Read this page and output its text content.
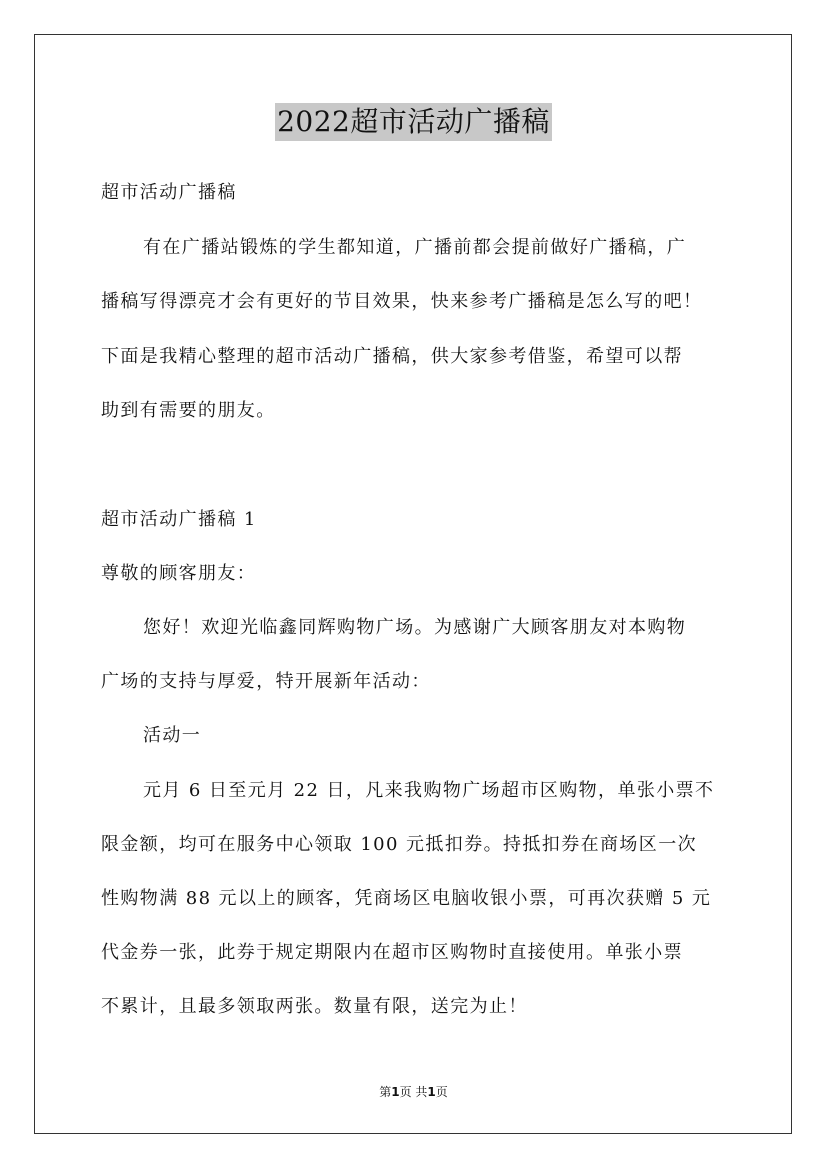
2022超市活动广播稿
超市活动广播稿
有在广播站锻炼的学生都知道，广播前都会提前做好广播稿，广
播稿写得漂亮才会有更好的节目效果，快来参考广播稿是怎么写的吧！
下面是我精心整理的超市活动广播稿，供大家参考借鉴，希望可以帮
助到有需要的朋友。
超市活动广播稿 1
尊敬的顾客朋友：
您好！欢迎光临鑫同辉购物广场。为感谢广大顾客朋友对本购物
广场的支持与厚爱，特开展新年活动：
活动一
元月 6 日至元月 22 日，凡来我购物广场超市区购物，单张小票不
限金额，均可在服务中心领取 100 元抵扣券。持抵扣券在商场区一次
性购物满 88 元以上的顾客，凭商场区电脑收银小票，可再次获赠 5 元
代金券一张，此券于规定期限内在超市区购物时直接使用。单张小票
不累计，且最多领取两张。数量有限，送完为止！
第1页 共1页
